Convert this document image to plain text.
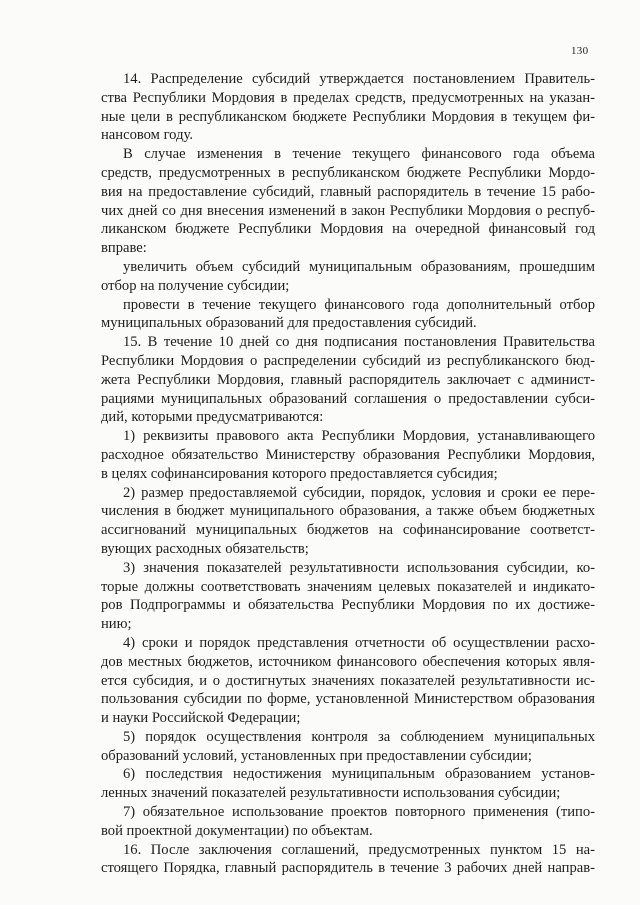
130

14. Распределение субсидий утверждается постановлением Правитель-
ства Республики Мордовия в пределах средств, предусмотренных на указан-
ные цели в республиканском бюджете Республики Мордовия в текущем фи-
нансовом году.

В случае изменения в течение текущего финансового года объема
средств, предусмотренных в республиканском бюджете Республики Мордо-
вия на предоставление субсидий, главный распорядитель в течение 15 рабо-
чих дней со дня внесения изменений в закон Республики Мордовия о респуб-
ликанском бюджете Республики Мордовия на очередной финансовый год
вправе:

увеличить объем субсидий муниципальным образованиям, прошедшим
отбор на получение субсидии;

провести в течение текущего финансового года дополнительный отбор
муниципальных образований для предоставления субсидий.

15. В течение 10 дней со дня подписания постановления Правительства
Республики Мордовия о распределении субсидий из республиканского бюд-
жета Республики Мордовия, главный распорядитель заключает с админист-
рациями муниципальных образований соглашения о предоставлении субси-
дий, которыми предусматриваются:

1) реквизиты правового акта Республики Мордовия, устанавливающего
расходное обязательство Министерству образования Республики Мордовия,
в целях софинансирования которого предоставляется субсидия;

2) размер предоставляемой субсидии, порядок, условия и сроки ее пере-
числения в бюджет муниципального образования, а также объем бюджетных
ассигнований муниципальных бюджетов на софинансирование соответст-
вующих расходных обязательств;

3) значения показателей результативности использования субсидии, ко-
торые должны соответствовать значениям целевых показателей и индикато-
ров Подпрограммы и обязательства Республики Мордовия по их достиже-
нию;

4) сроки и порядок представления отчетности об осуществлении расхо-
дов местных бюджетов, источником финансового обеспечения которых явля-
ется субсидия, и о достигнутых значениях показателей результативности ис-
пользования субсидии по форме, установленной Министерством образования
и науки Российской Федерации;

5) порядок осуществления контроля за соблюдением муниципальных
образований условий, установленных при предоставлении субсидии;

6) последствия недостижения муниципальным образованием установ-
ленных значений показателей результативности использования субсидии;

7) обязательное использование проектов повторного применения (типо-
вой проектной документации) по объектам.

16. После заключения соглашений, предусмотренных пунктом 15 на-
стоящего Порядка, главный распорядитель в течение 3 рабочих дней направ-
